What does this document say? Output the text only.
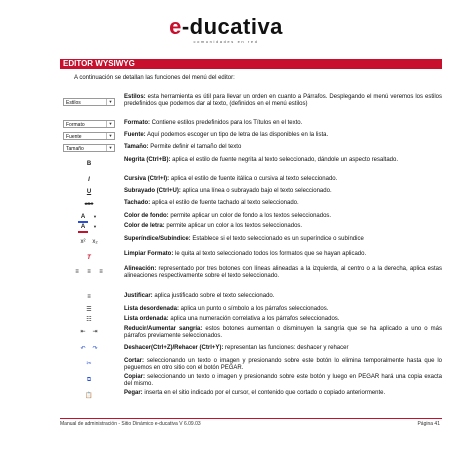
e-ducativa
comunidades en red
EDITOR WYSIWYG
A continuación se detallan las funciones del menú del editor:
Estilos	▼
Estilos: esta herramienta es útil para llevar un orden en cuanto a Párrafos. Desplegando el menú veremos los estilos predefinidos que podemos dar al texto, (definidos en el menú estilos)
Formato	▼ Formato: Contiene estilos predefinidos para los Títulos en el texto.
Fuente	▼ Fuente: Aquí podemos escoger un tipo de letra de las disponibles en la lista.
Tamaño	▼ Tamaño: Permite definir el tamaño del texto
B
Negrita (Ctrl+B): aplica el estilo de fuente negrita al texto seleccionado, dándole un aspecto resaltado.
I	Cursiva (Ctrl+I): aplica el estilo de fuente itálica o cursiva al texto seleccionado.
U	Subrayado (Ctrl+U): aplica una línea o subrayado bajo el texto seleccionado.
ABC	Tachado: aplica el estilo de fuente tachado al texto seleccionado.
A	▼	Color de fondo: permite aplicar un color de fondo a los textos seleccionados.
A	▼	Color de letra: permite aplicar un color a los textos seleccionados.
x²	x₂	Superíndice/Subíndice: Establece si el texto seleccionado es un superíndice o subíndice
T
Limpiar Formato: le quita al texto seleccionado todos los formatos que se hayan aplicado.
≡	≡	≡	Alineación: representado por tres botones con líneas alineadas a la izquierda, al centro o a la derecha, aplica estas alineaciones respectivamente sobre el texto seleccionado.
≡	Justificar: aplica justificado sobre el texto seleccionado.
☰	Lista desordenada: aplica un punto o símbolo a los párrafos seleccionados.
☷	Lista ordenada: aplica una numeración correlativa a los párrafos seleccionados.
⇤	⇥	Reducir/Aumentar sangría: estos botones aumentan o disminuyen la sangría que se ha aplicado a uno o más párrafos previamente seleccionados.
↶	↷	Deshacer(Ctrl+Z)/Rehacer (Ctrl+Y): representan las funciones: deshacer y rehacer
✂	Cortar: seleccionando un texto o imagen y presionando sobre este botón lo elimina temporalmente hasta que lo peguemos en otro sitio con el botón PEGAR.
⧉	Copiar: seleccionando un texto o imagen y presionando sobre este botón y luego en PEGAR hará una copia exacta del mismo.
📋	Pegar: inserta en el sitio indicado por el cursor, el contenido que cortado o copiado anteriormente.
Manual de administración - Sitio Dinámico e-ducativa V 6.09.03	Página 41
